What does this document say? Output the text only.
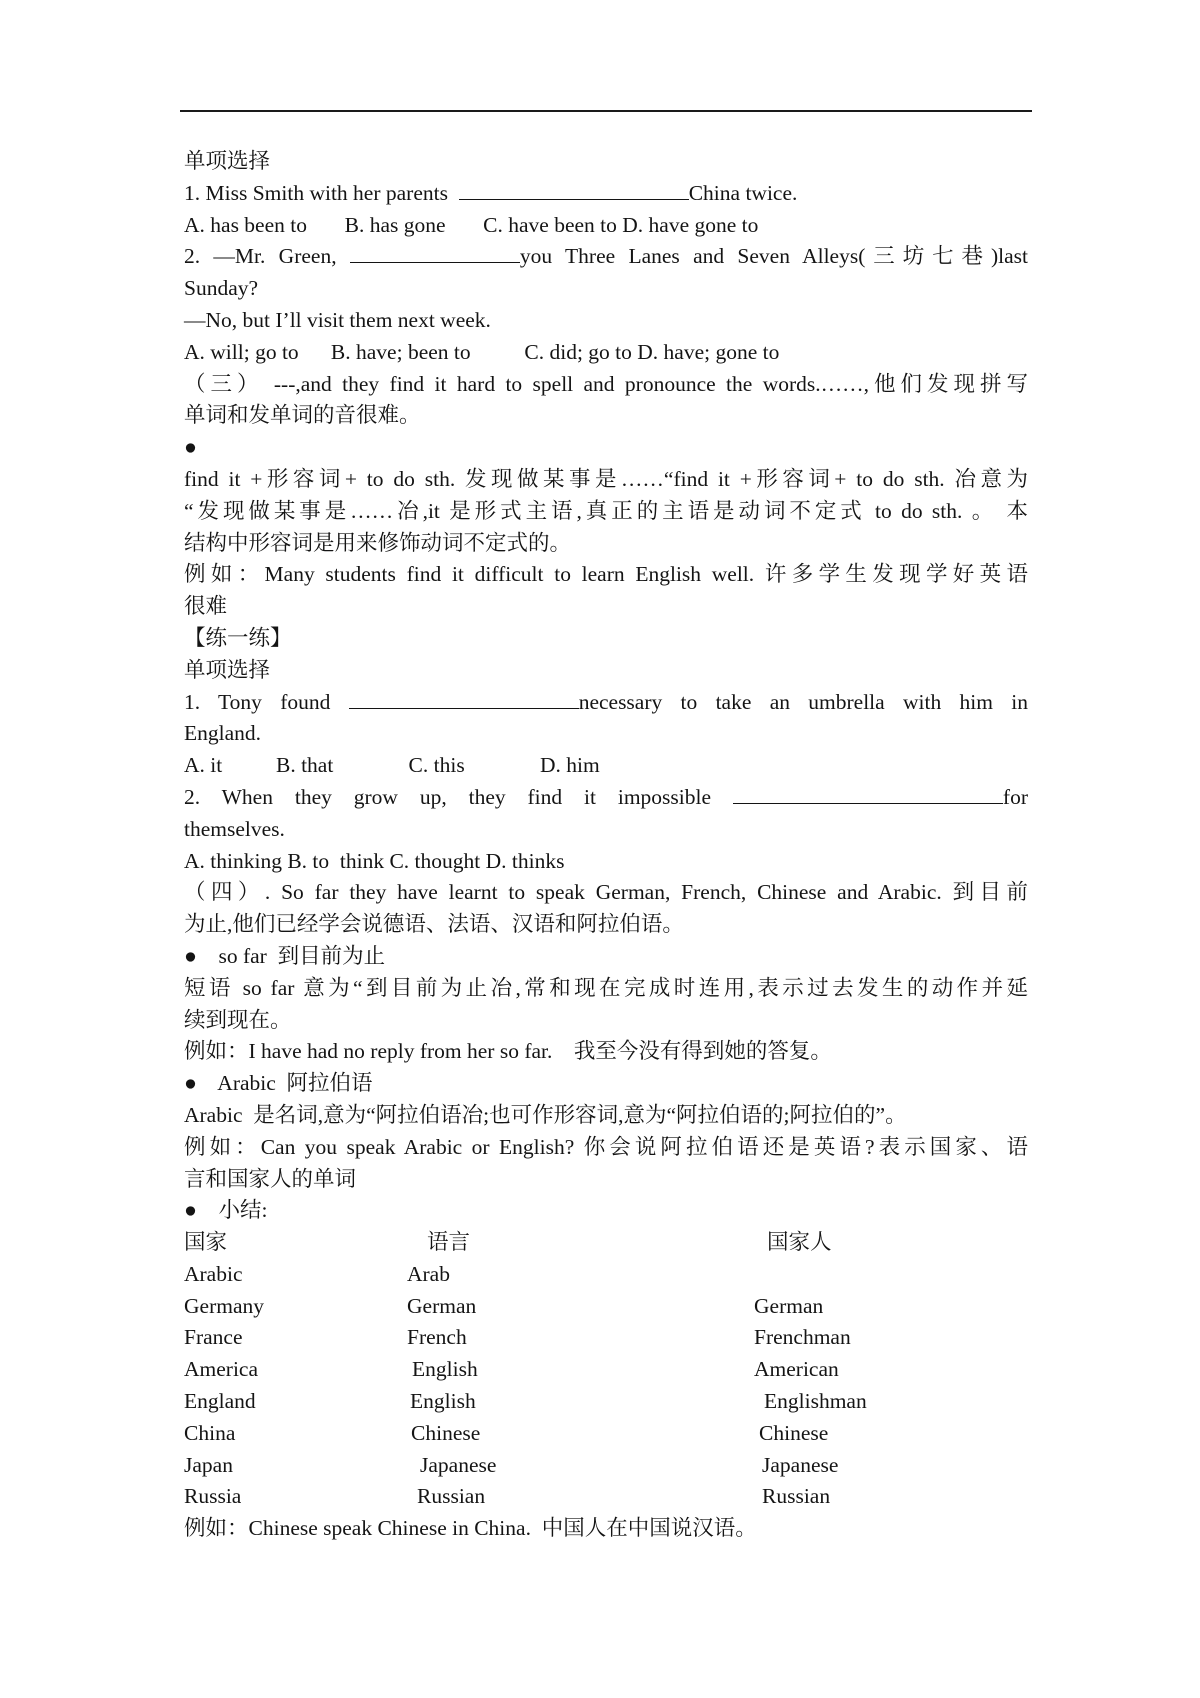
单项选择
1. Miss Smith with her parents	China twice.
A. has been to       B. has gone       C. have been to D. have gone to
2. —Mr. Green,	you Three Lanes and Seven Alleys(三坊七巷)last
Sunday?
—No, but I’ll visit them next week.
A. will; go to      B. have; been to          C. did; go to D. have; gone to
（三） ---,and they find it hard to spell and pronounce the words.……,他们发现拼写
单词和发单词的音很难。
●
find it +形容词+ to do sth. 发现做某事是……“find it +形容词+ to do sth. 冶意为
“发现做某事是……冶,it 是形式主语,真正的主语是动词不定式 to do sth. 。 本
结构中形容词是用来修饰动词不定式的。
例如：Many students find it difficult to learn English well. 许多学生发现学好英语
很难
【练一练】
单项选择
1. Tony found	necessary to take an umbrella with him in
England.
A. it          B. that              C. this              D. him
2. When they grow up, they find it impossible	for
themselves.
A. thinking B. to  think C. thought D. thinks
（四）. So far they have learnt to speak German, French, Chinese and Arabic. 到目前
为止,他们已经学会说德语、法语、汉语和阿拉伯语。
●    so far  到目前为止
短语 so far 意为“到目前为止冶,常和现在完成时连用,表示过去发生的动作并延
续到现在。
例如：I have had no reply from her so far.    我至今没有得到她的答复。
●    Arabic  阿拉伯语
Arabic  是名词,意为“阿拉伯语冶;也可作形容词,意为“阿拉伯语的;阿拉伯的”。
例如：Can you speak Arabic or English? 你会说阿拉伯语还是英语?表示国家、语
言和国家人的单词
●    小结:
国家	语言	国家人
Arabic	Arab
Germany	German	German
France	French	Frenchman
America	English	American
England	English	Englishman
China	Chinese	Chinese
Japan	Japanese	Japanese
Russia	Russian	Russian
例如：Chinese speak Chinese in China.  中国人在中国说汉语。
